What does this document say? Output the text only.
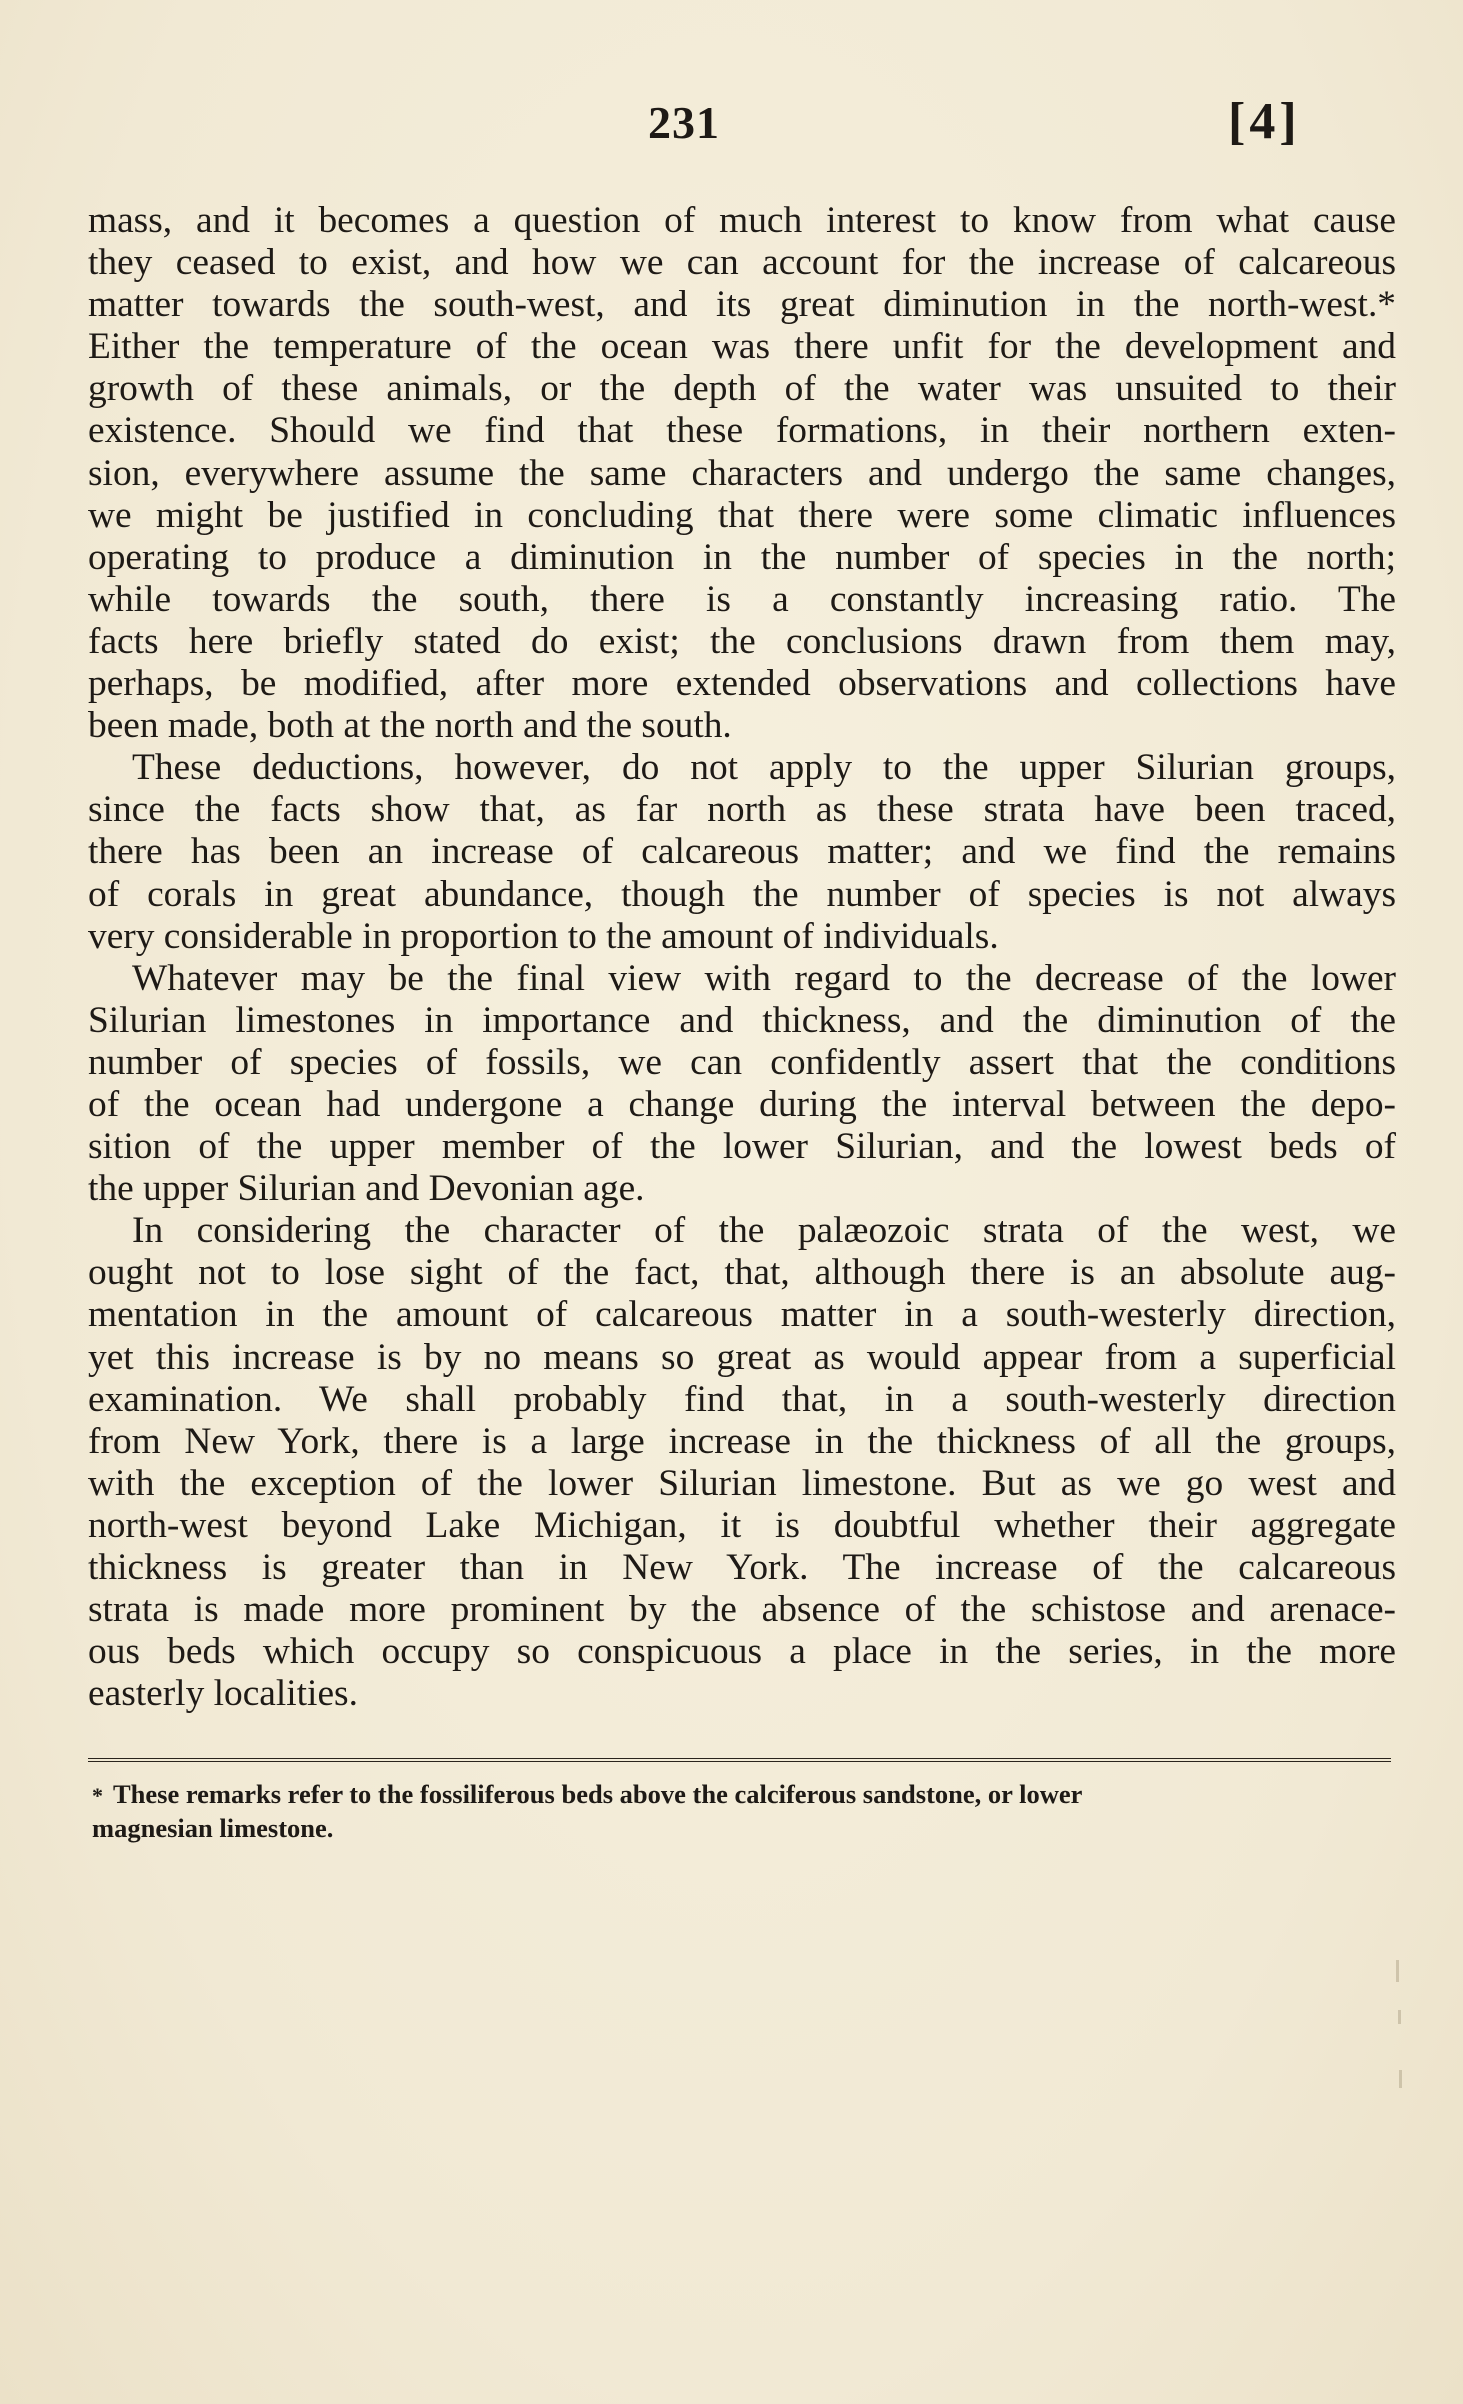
231	[4]

mass, and it becomes a question of much interest to know from what cause
they ceased to exist, and how we can account for the increase of calcareous
matter towards the south-west, and its great diminution in the north-west.*
Either the temperature of the ocean was there unfit for the development and
growth of these animals, or the depth of the water was unsuited to their
existence. Should we find that these formations, in their northern exten-
sion, everywhere assume the same characters and undergo the same changes,
we might be justified in concluding that there were some climatic influences
operating to produce a diminution in the number of species in the north;
while towards the south, there is a constantly increasing ratio. The
facts here briefly stated do exist; the conclusions drawn from them may,
perhaps, be modified, after more extended observations and collections have
been made, both at the north and the south.

These deductions, however, do not apply to the upper Silurian groups,
since the facts show that, as far north as these strata have been traced,
there has been an increase of calcareous matter; and we find the remains
of corals in great abundance, though the number of species is not always
very considerable in proportion to the amount of individuals.

Whatever may be the final view with regard to the decrease of the lower
Silurian limestones in importance and thickness, and the diminution of the
number of species of fossils, we can confidently assert that the conditions
of the ocean had undergone a change during the interval between the depo-
sition of the upper member of the lower Silurian, and the lowest beds of
the upper Silurian and Devonian age.

In considering the character of the palæozoic strata of the west, we
ought not to lose sight of the fact, that, although there is an absolute aug-
mentation in the amount of calcareous matter in a south-westerly direction,
yet this increase is by no means so great as would appear from a superficial
examination. We shall probably find that, in a south-westerly direction
from New York, there is a large increase in the thickness of all the groups,
with the exception of the lower Silurian limestone. But as we go west and
north-west beyond Lake Michigan, it is doubtful whether their aggregate
thickness is greater than in New York. The increase of the calcareous
strata is made more prominent by the absence of the schistose and arenace-
ous beds which occupy so conspicuous a place in the series, in the more
easterly localities.

* These remarks refer to the fossiliferous beds above the calciferous sandstone, or lower
magnesian limestone.
